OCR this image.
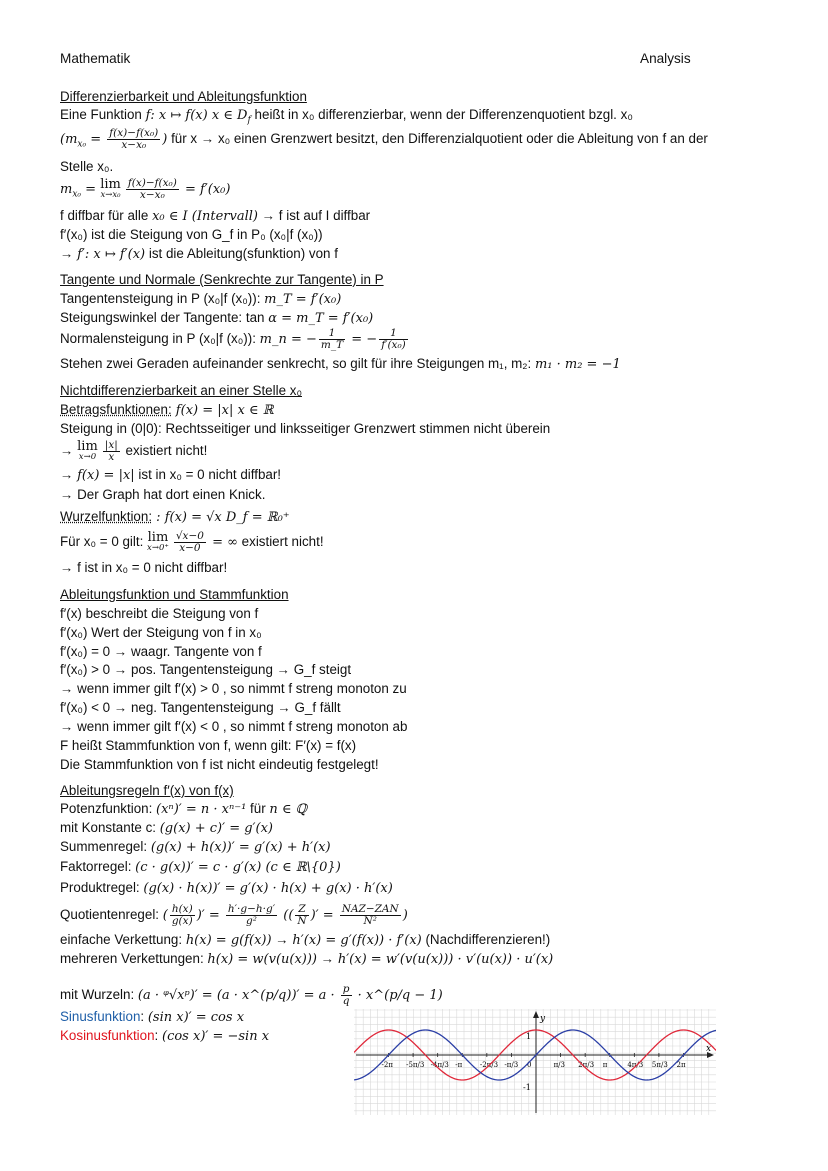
Mathematik	Analysis
Differenzierbarkeit und Ableitungsfunktion
Eine Funktion f: x ↦ f(x) x ∈ $D_f$ heißt in x₀ differenzierbar, wenn der Differenzenquotient bzgl. x₀
($m_{x_0} = \frac{\text{f(x)−f(x₀)}}{\text{x−x₀}}$ ) für x → x₀ einen Grenzwert besitzt, den Differenzialquotient oder die Ableitung von f an der
Stelle x₀.
$m_{x_0} = \lim$
$x\to x_0 \frac{\text{f(x)−f(x₀)}}{\text{x−x₀}} = f'(x_0)$
f diffbar für alle x₀ ∈ I (Intervall) → f ist auf I diffbar
f′(x₀) ist die Steigung von G_f in P₀ (x₀|f (x₀))
→ f′: x ↦ f′(x) ist die Ableitung(sfunktion) von f
Tangente und Normale (Senkrechte zur Tangente) in P
Tangentensteigung in P (x₀|f (x₀)): m_T = f′(x₀)
Steigungswinkel der Tangente: tan α = m_T = f′(x₀)
Normalensteigung in P (x₀|f (x₀)): m_n = − $\frac{1}{m\_T}$ = − $\frac{1}{\text{f′(x₀)}}$
Stehen zwei Geraden aufeinander senkrecht, so gilt für ihre Steigungen m₁, m₂: m₁ · m₂ = −1
Nichtdifferenzierbarkeit an einer Stelle x₀
Betragsfunktionen: f(x) = |x| x ∈ ℝ
Steigung in (0|0): Rechtsseitiger und linksseitiger Grenzwert stimmen nicht überein
→ lim
$x\to 0 \frac{|x|}{x}$ existiert nicht!
→ f(x) = |x| ist in x₀ = 0 nicht diffbar!
→ Der Graph hat dort einen Knick.
Wurzelfunktion: : f(x) = √x D_f = ℝ₀⁺
Für x₀ = 0 gilt: lim
$x\to 0^+ \frac{√x-0}{x-0}$ = ∞ existiert nicht!
→ f ist in x₀ = 0 nicht diffbar!
Ableitungsfunktion und Stammfunktion
f′(x) beschreibt die Steigung von f
f′(x₀) Wert der Steigung von f in x₀
f′(x₀) = 0 → waagr. Tangente von f
f′(x₀) > 0 → pos. Tangentensteigung → G_f steigt
→ wenn immer gilt f′(x) > 0 , so nimmt f streng monoton zu
f′(x₀) < 0 → neg. Tangentensteigung → G_f fällt
→ wenn immer gilt f′(x) < 0 , so nimmt f streng monoton ab
F heißt Stammfunktion von f, wenn gilt: F′(x) = f(x)
Die Stammfunktion von f ist nicht eindeutig festgelegt!
Ableitungsregeln f′(x) von f(x)
Potenzfunktion: (xⁿ)′ = n · xⁿ⁻¹ für n ∈ ℚ
mit Konstante c: (g(x) + c)′ = g′(x)
Summenregel: (g(x) + h(x))′ = g′(x) + h′(x)
Faktorregel: (c · g(x))′ = c · g′(x) (c ∈ ℝ\{0})
Produktregel: (g(x) · h(x))′ = g′(x) · h(x) + g(x) · h′(x)
Quotientenregel: ( $\frac{h(x)}{g(x)}$ )′ = $\frac{h'\cdot g-h\cdot g'}{\text{g²}}$ (( $\frac{Z}{N}$ )′ = $\frac{\text{NAZ−ZAN}}{\text{N²}}$ )
einfache Verkettung: h(x) = g(f(x)) → h′(x) = g′(f(x)) · f′(x) (Nachdifferenzieren!)
mehreren Verkettungen: h(x) = w(v(u(x))) → h′(x) = w′(v(u(x))) · v′(u(x)) · u′(x)
mit Wurzeln: (a · ᵠ√xᵖ)′ = (a · x^(p/q))′ = $a \cdot \frac{p}{q}$ · x^(p/q − 1)
Sinusfunktion: (sin x)′ = cos x
Kosinusfunktion: (cos x)′ = −sin x
x
y
1
-1
-2π -5π/3 -4π/3 -π	-2π/3 -π/3 0	π/3 2π/3 π	4π/3 5π/3 2π
